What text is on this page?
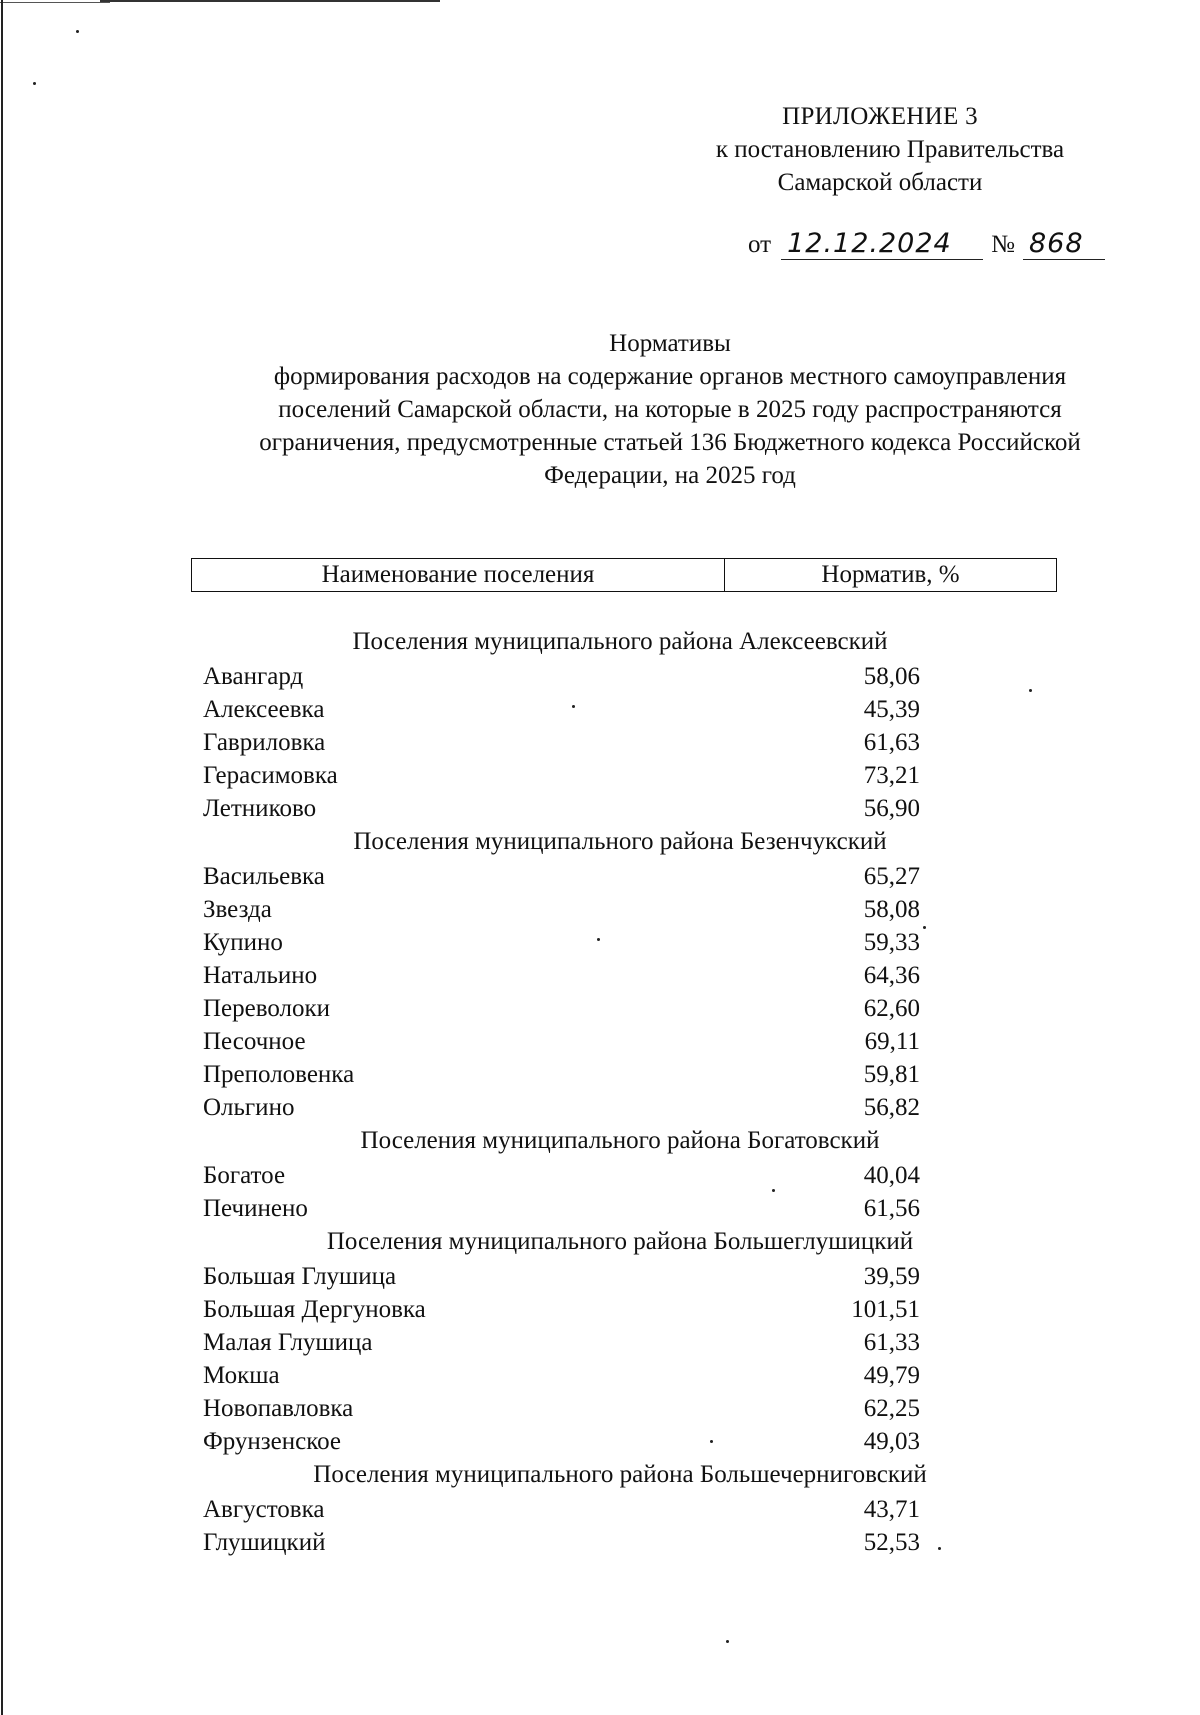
ПРИЛОЖЕНИЕ 3
к постановлению Правительства
Самарской области
от 12.12.2024	№ 868
Нормативы
формирования расходов на содержание органов местного самоуправления
поселений Самарской области, на которые в 2025 году распространяются
ограничения, предусмотренные статьей 136 Бюджетного кодекса Российской
Федерации, на 2025 год
Наименование поселения	Норматив, %
Поселения муниципального района Алексеевский
Авангард	58,06
Алексеевка	45,39
Гавриловка	61,63
Герасимовка	73,21
Летниково	56,90
Поселения муниципального района Безенчукский
Васильевка	65,27
Звезда	58,08
Купино	59,33
Натальино	64,36
Переволоки	62,60
Песочное	69,11
Преполовенка	59,81
Ольгино	56,82
Поселения муниципального района Богатовский
Богатое	40,04
Печинено	61,56
Поселения муниципального района Большеглушицкий
Большая Глушица	39,59
Большая Дергуновка	101,51
Малая Глушица	61,33
Мокша	49,79
Новопавловка	62,25
Фрунзенское	49,03
Поселения муниципального района Большечерниговский
Августовка	43,71
Глушицкий	52,53
